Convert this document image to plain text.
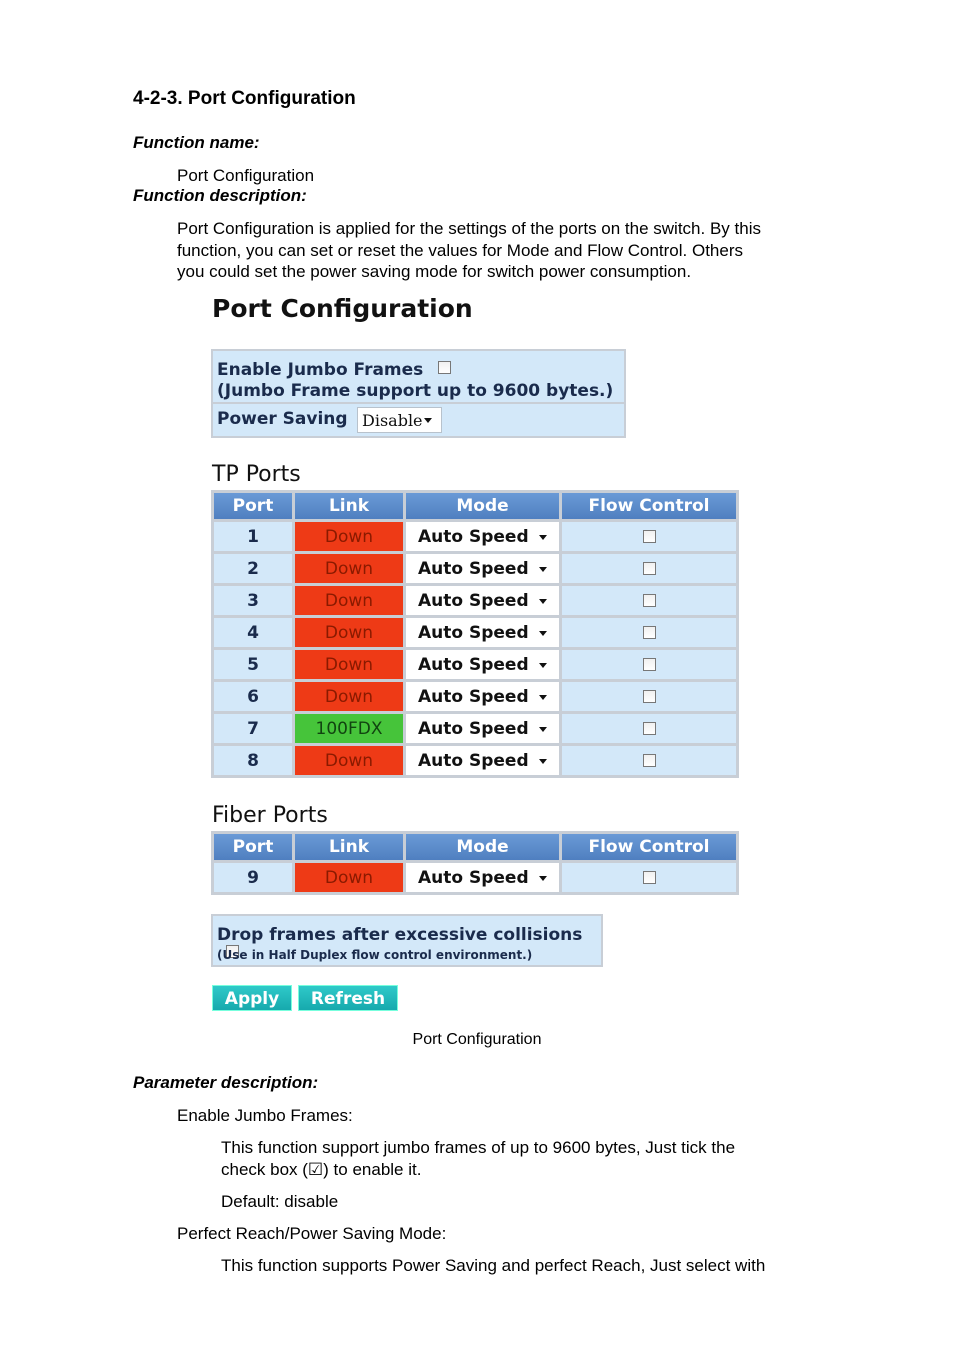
4-2-3. Port Configuration
Function name:
Port Configuration
Function description:
Port Configuration is applied for the settings of the ports on the switch. By this
function, you can set or reset the values for Mode and Flow Control. Others
you could set the power saving mode for switch power consumption.
Port Configuration
Enable Jumbo Frames
(Jumbo Frame support up to 9600 bytes.)
Power Saving Disable
TP Ports
Port	Link	Mode	Flow Control
1	Down	Auto Speed

2	Down	Auto Speed

3	Down	Auto Speed

4	Down	Auto Speed

5	Down	Auto Speed

6	Down	Auto Speed

7	100FDX	Auto Speed

8	Down	Auto Speed

Fiber Ports
Port	Link	Mode	Flow Control
9	Down	Auto Speed

Drop frames after excessive collisions
(Use in Half Duplex flow control environment.)
Apply	Refresh
Port Configuration
Parameter description:
Enable Jumbo Frames:
This function support jumbo frames of up to 9600 bytes, Just tick the
check box (☑) to enable it.
Default: disable
Perfect Reach/Power Saving Mode:
This function supports Power Saving and perfect Reach, Just select with
